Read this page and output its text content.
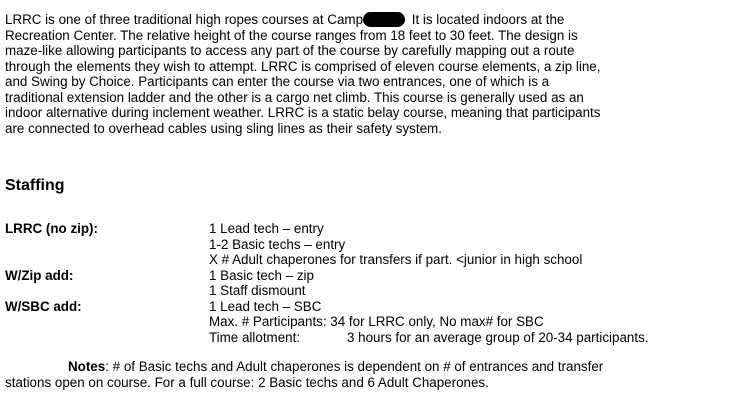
LRRC is one of three traditional high ropes courses at Camp	It is located indoors at the
Recreation Center. The relative height of the course ranges from 18 feet to 30 feet. The design is
maze-like allowing participants to access any part of the course by carefully mapping out a route
through the elements they wish to attempt. LRRC is comprised of eleven course elements, a zip line,
and Swing by Choice. Participants can enter the course via two entrances, one of which is a
traditional extension ladder and the other is a cargo net climb. This course is generally used as an
indoor alternative during inclement weather. LRRC is a static belay course, meaning that participants
are connected to overhead cables using sling lines as their safety system.
Staffing
LRRC (no zip):	1 Lead tech – entry
1-2 Basic techs – entry
X # Adult chaperones for transfers if part. <junior in high school
W/Zip add:	1 Basic tech – zip
1 Staff dismount
W/SBC add:	1 Lead tech – SBC
Max. # Participants: 34 for LRRC only, No max# for SBC
Time allotment:	3 hours for an average group of 20-34 participants.
Notes: # of Basic techs and Adult chaperones is dependent on # of entrances and transfer
stations open on course. For a full course: 2 Basic techs and 6 Adult Chaperones.
